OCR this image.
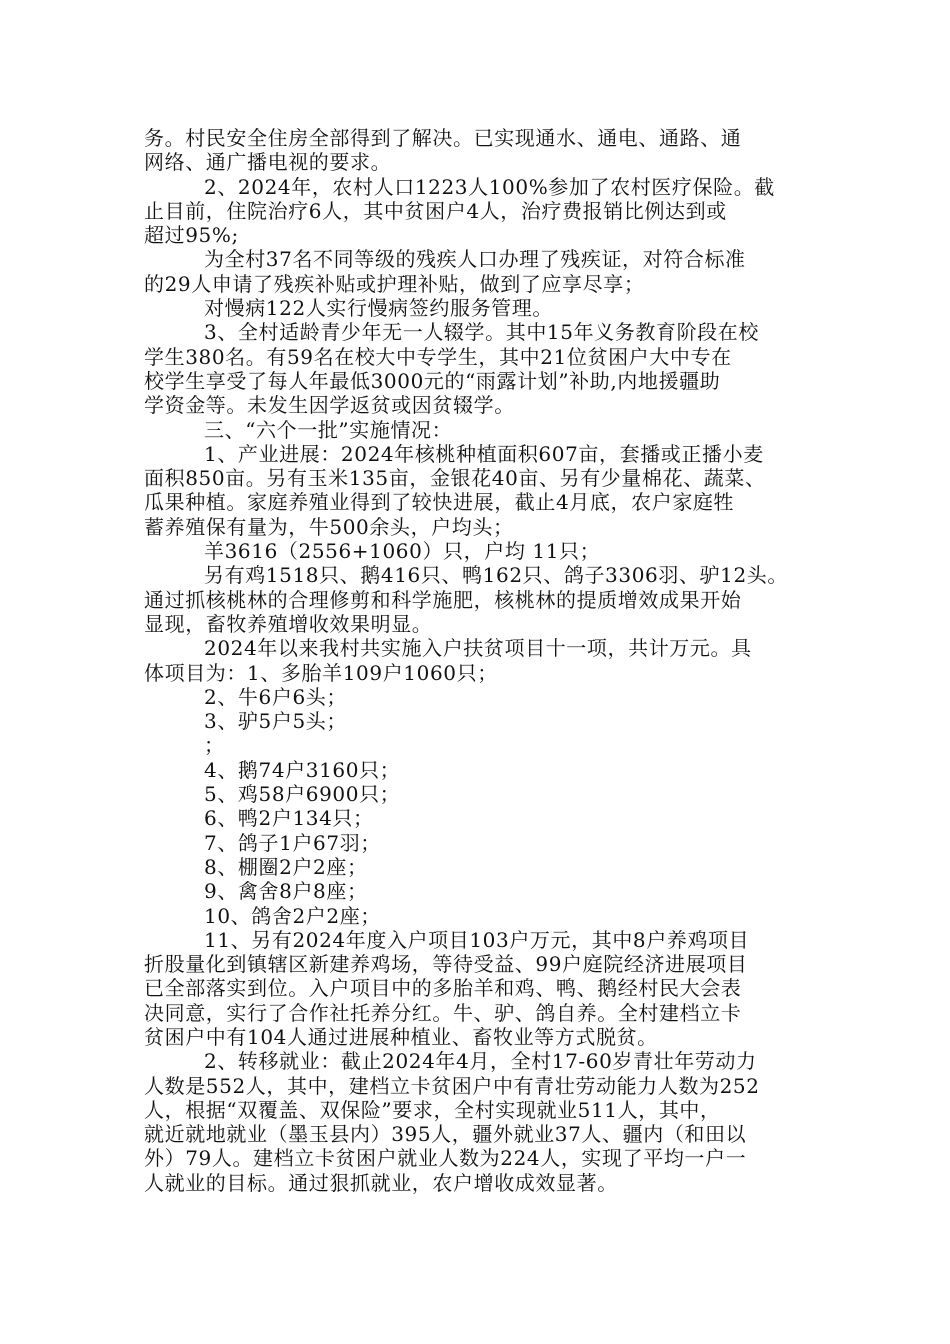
务。村民安全住房全部得到了解决。已实现通水、通电、通路、通
网络、通广播电视的要求。
2、2024年，农村人口1223人100%参加了农村医疗保险。截
止目前，住院治疗6人，其中贫困户4人，治疗费报销比例达到或
超过95%;
为全村37名不同等级的残疾人口办理了残疾证，对符合标准
的29人申请了残疾补贴或护理补贴，做到了应享尽享；
对慢病122人实行慢病签约服务管理。
3、全村适龄青少年无一人辍学。其中15年义务教育阶段在校
学生380名。有59名在校大中专学生，其中21位贫困户大中专在
校学生享受了每人年最低3000元的“雨露计划”补助,内地援疆助
学资金等。未发生因学返贫或因贫辍学。
三、“六个一批”实施情况：
1、产业进展：2024年核桃种植面积607亩，套播或正播小麦
面积850亩。另有玉米135亩，金银花40亩、另有少量棉花、蔬菜、
瓜果种植。家庭养殖业得到了较快进展，截止4月底，农户家庭牲
蓄养殖保有量为，牛500余头，户均头；
羊3616（2556+1060）只，户均 11只；
另有鸡1518只、鹅416只、鸭162只、鸽子3306羽、驴12头。
通过抓核桃林的合理修剪和科学施肥，核桃林的提质增效成果开始
显现，畜牧养殖增收效果明显。
2024年以来我村共实施入户扶贫项目十一项，共计万元。具
体项目为：1、多胎羊109户1060只；
2、牛6户6头；
3、驴5户5头；
；
4、鹅74户3160只；
5、鸡58户6900只；
6、鸭2户134只；
7、鸽子1户67羽；
8、棚圈2户2座；
9、禽舍8户8座；
10、鸽舍2户2座；
11、另有2024年度入户项目103户万元，其中8户养鸡项目
折股量化到镇辖区新建养鸡场，等待受益、99户庭院经济进展项目
已全部落实到位。入户项目中的多胎羊和鸡、鸭、鹅经村民大会表
决同意，实行了合作社托养分红。牛、驴、鸽自养。全村建档立卡
贫困户中有104人通过进展种植业、畜牧业等方式脱贫。
2、转移就业：截止2024年4月，全村17-60岁青壮年劳动力
人数是552人，其中，建档立卡贫困户中有青壮劳动能力人数为252
人，根据“双覆盖、双保险”要求，全村实现就业511人，其中，
就近就地就业（墨玉县内）395人，疆外就业37人、疆内（和田以
外）79人。建档立卡贫困户就业人数为224人，实现了平均一户一
人就业的目标。通过狠抓就业，农户增收成效显著。
